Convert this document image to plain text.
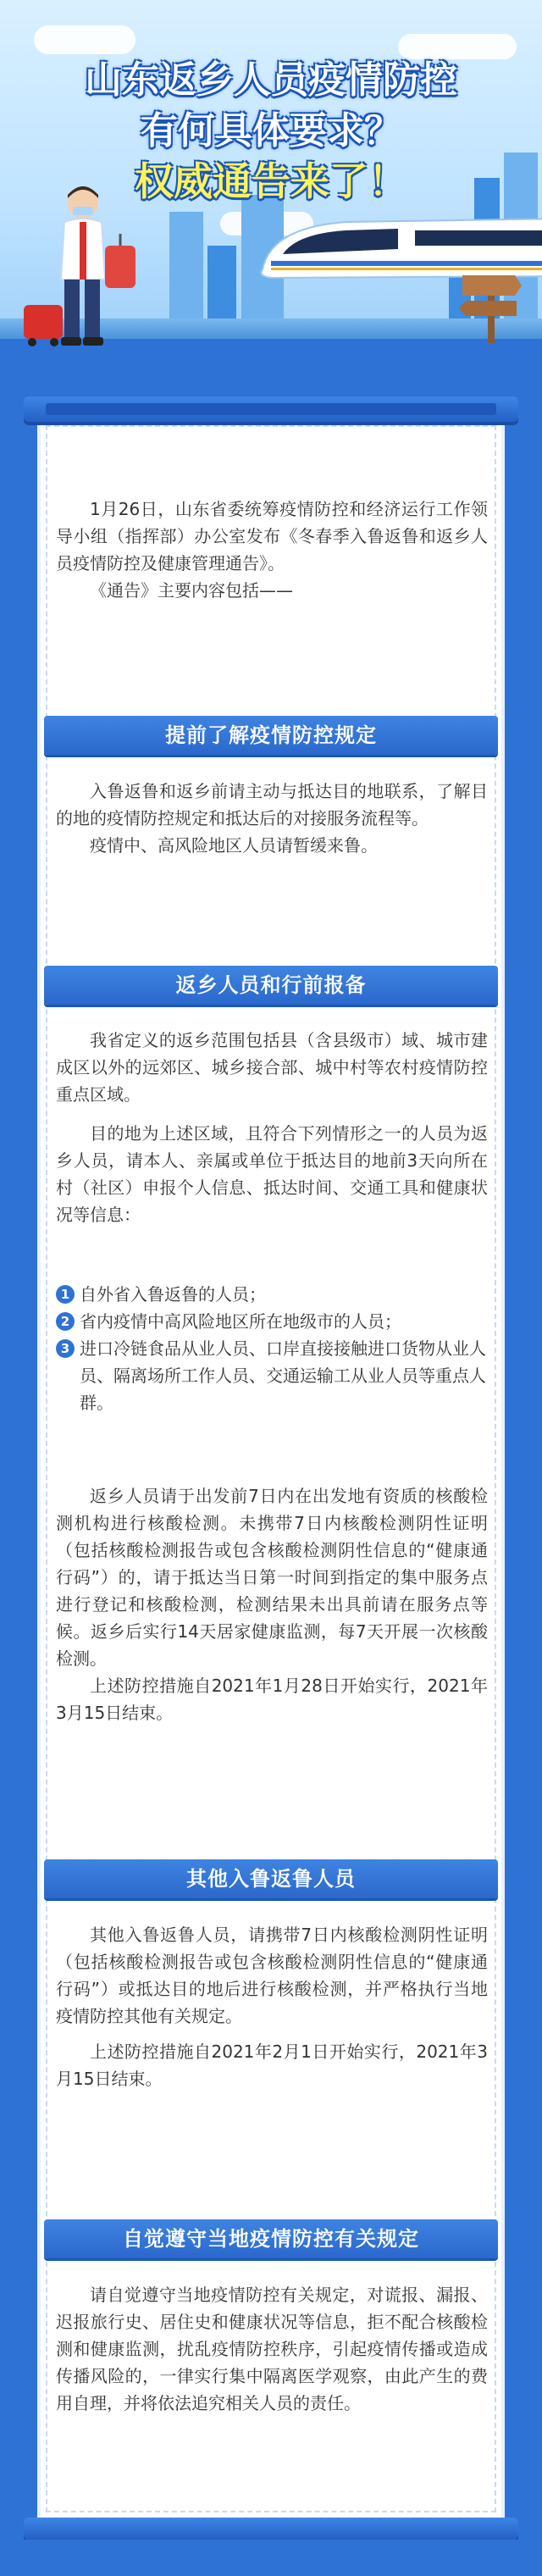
山东返乡人员疫情防控
有何具体要求？
权威通告来了！
1月26日，山东省委统筹疫情防控和经济运行工作领导小组（指挥部）办公室发布《冬春季入鲁返鲁和返乡人员疫情防控及健康管理通告》。
《通告》主要内容包括——
提前了解疫情防控规定
入鲁返鲁和返乡前请主动与抵达目的地联系，了解目的地的疫情防控规定和抵达后的对接服务流程等。
疫情中、高风险地区人员请暂缓来鲁。
返乡人员和行前报备
我省定义的返乡范围包括县（含县级市）域、城市建成区以外的远郊区、城乡接合部、城中村等农村疫情防控重点区域。
目的地为上述区域，且符合下列情形之一的人员为返乡人员，请本人、亲属或单位于抵达目的地前3天向所在村（社区）申报个人信息、抵达时间、交通工具和健康状况等信息：
1 自外省入鲁返鲁的人员；
2 省内疫情中高风险地区所在地级市的人员；
3 进口冷链食品从业人员、口岸直接接触进口货物从业人员、隔离场所工作人员、交通运输工从业人员等重点人群。
返乡人员请于出发前7日内在出发地有资质的核酸检测机构进行核酸检测。未携带7日内核酸检测阴性证明（包括核酸检测报告或包含核酸检测阴性信息的“健康通行码”）的，请于抵达当日第一时间到指定的集中服务点进行登记和核酸检测，检测结果未出具前请在服务点等候。返乡后实行14天居家健康监测，每7天开展一次核酸检测。
上述防控措施自2021年1月28日开始实行，2021年3月15日结束。
其他入鲁返鲁人员
其他入鲁返鲁人员，请携带7日内核酸检测阴性证明（包括核酸检测报告或包含核酸检测阴性信息的“健康通行码”）或抵达目的地后进行核酸检测，并严格执行当地疫情防控其他有关规定。
上述防控措施自2021年2月1日开始实行，2021年3月15日结束。
自觉遵守当地疫情防控有关规定
请自觉遵守当地疫情防控有关规定，对谎报、漏报、迟报旅行史、居住史和健康状况等信息，拒不配合核酸检测和健康监测，扰乱疫情防控秩序，引起疫情传播或造成传播风险的，一律实行集中隔离医学观察，由此产生的费用自理，并将依法追究相关人员的责任。
